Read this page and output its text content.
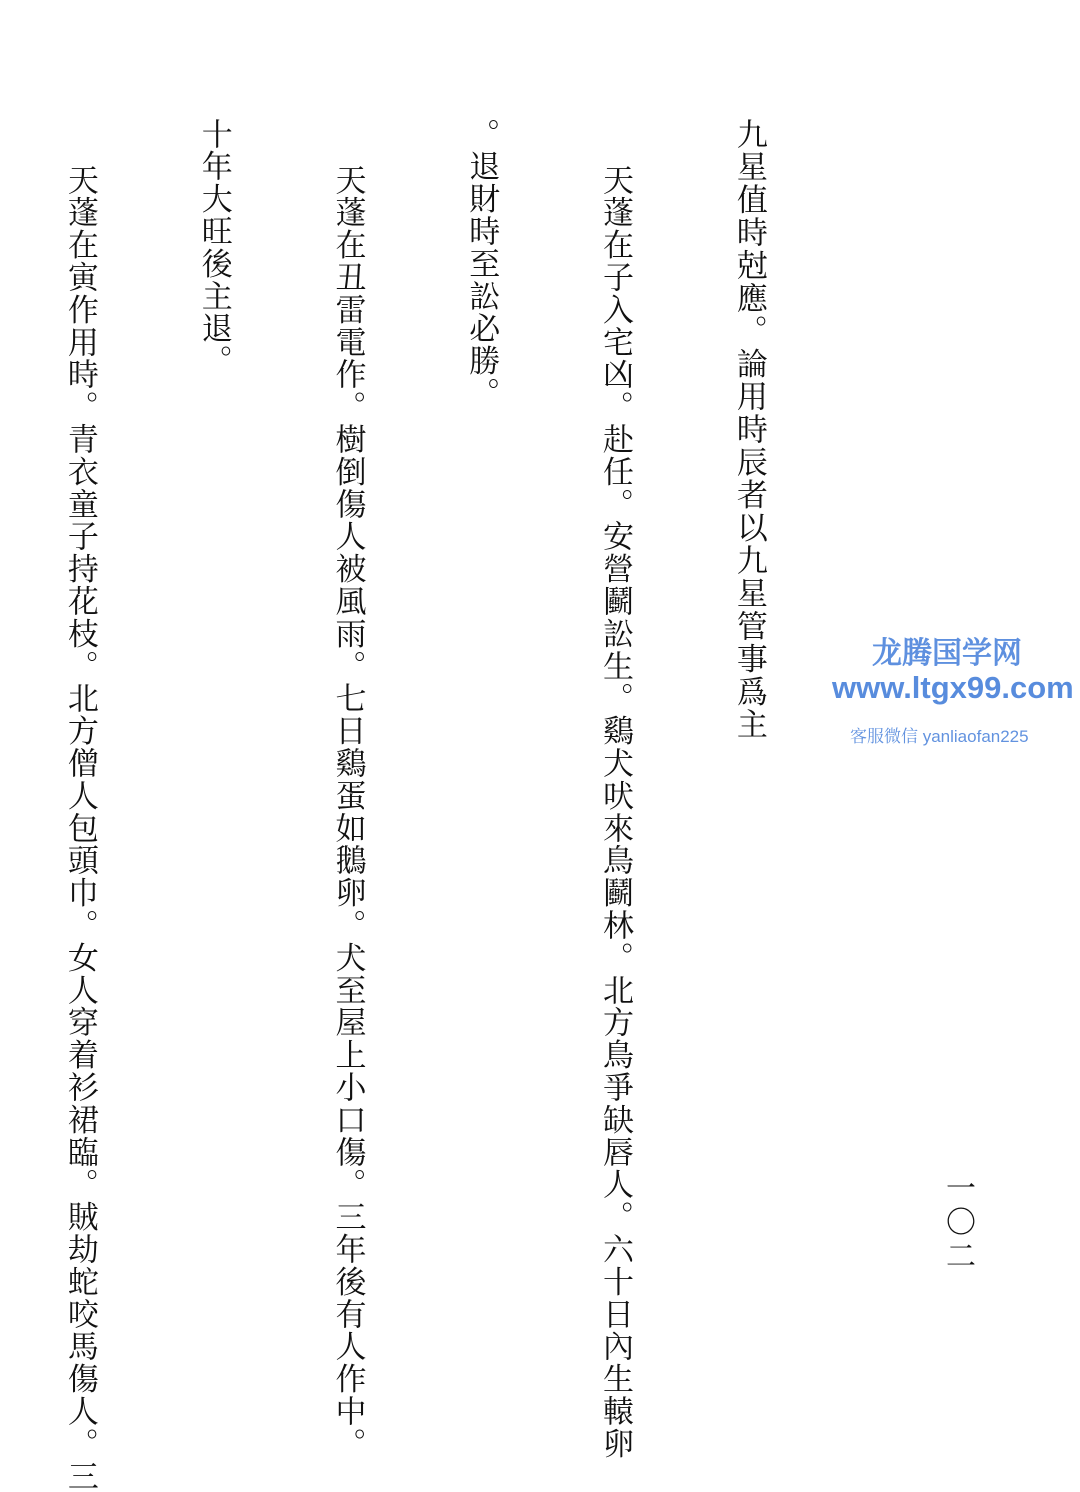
九星值時尅應。論用時辰者以九星管事爲主

天蓬在子入宅凶。赴任。安營鬬訟生。鷄犬吠來鳥鬬林。北方鳥爭缺唇人。六十日內生轅卵

。退財時至訟必勝。

天蓬在丑雷電作。樹倒傷人被風雨。七日鷄蛋如鵝卵。犬至屋上小口傷。三年後有人作中。

十年大旺後主退。

天蓬在寅作用時。青衣童子持花枝。北方僧人包頭巾。女人穿着衫裙臨。賊劫蛇咬馬傷人。三

	一〇二
龙腾国学网
www.ltgx99.com
客服微信 yanliaofan225
